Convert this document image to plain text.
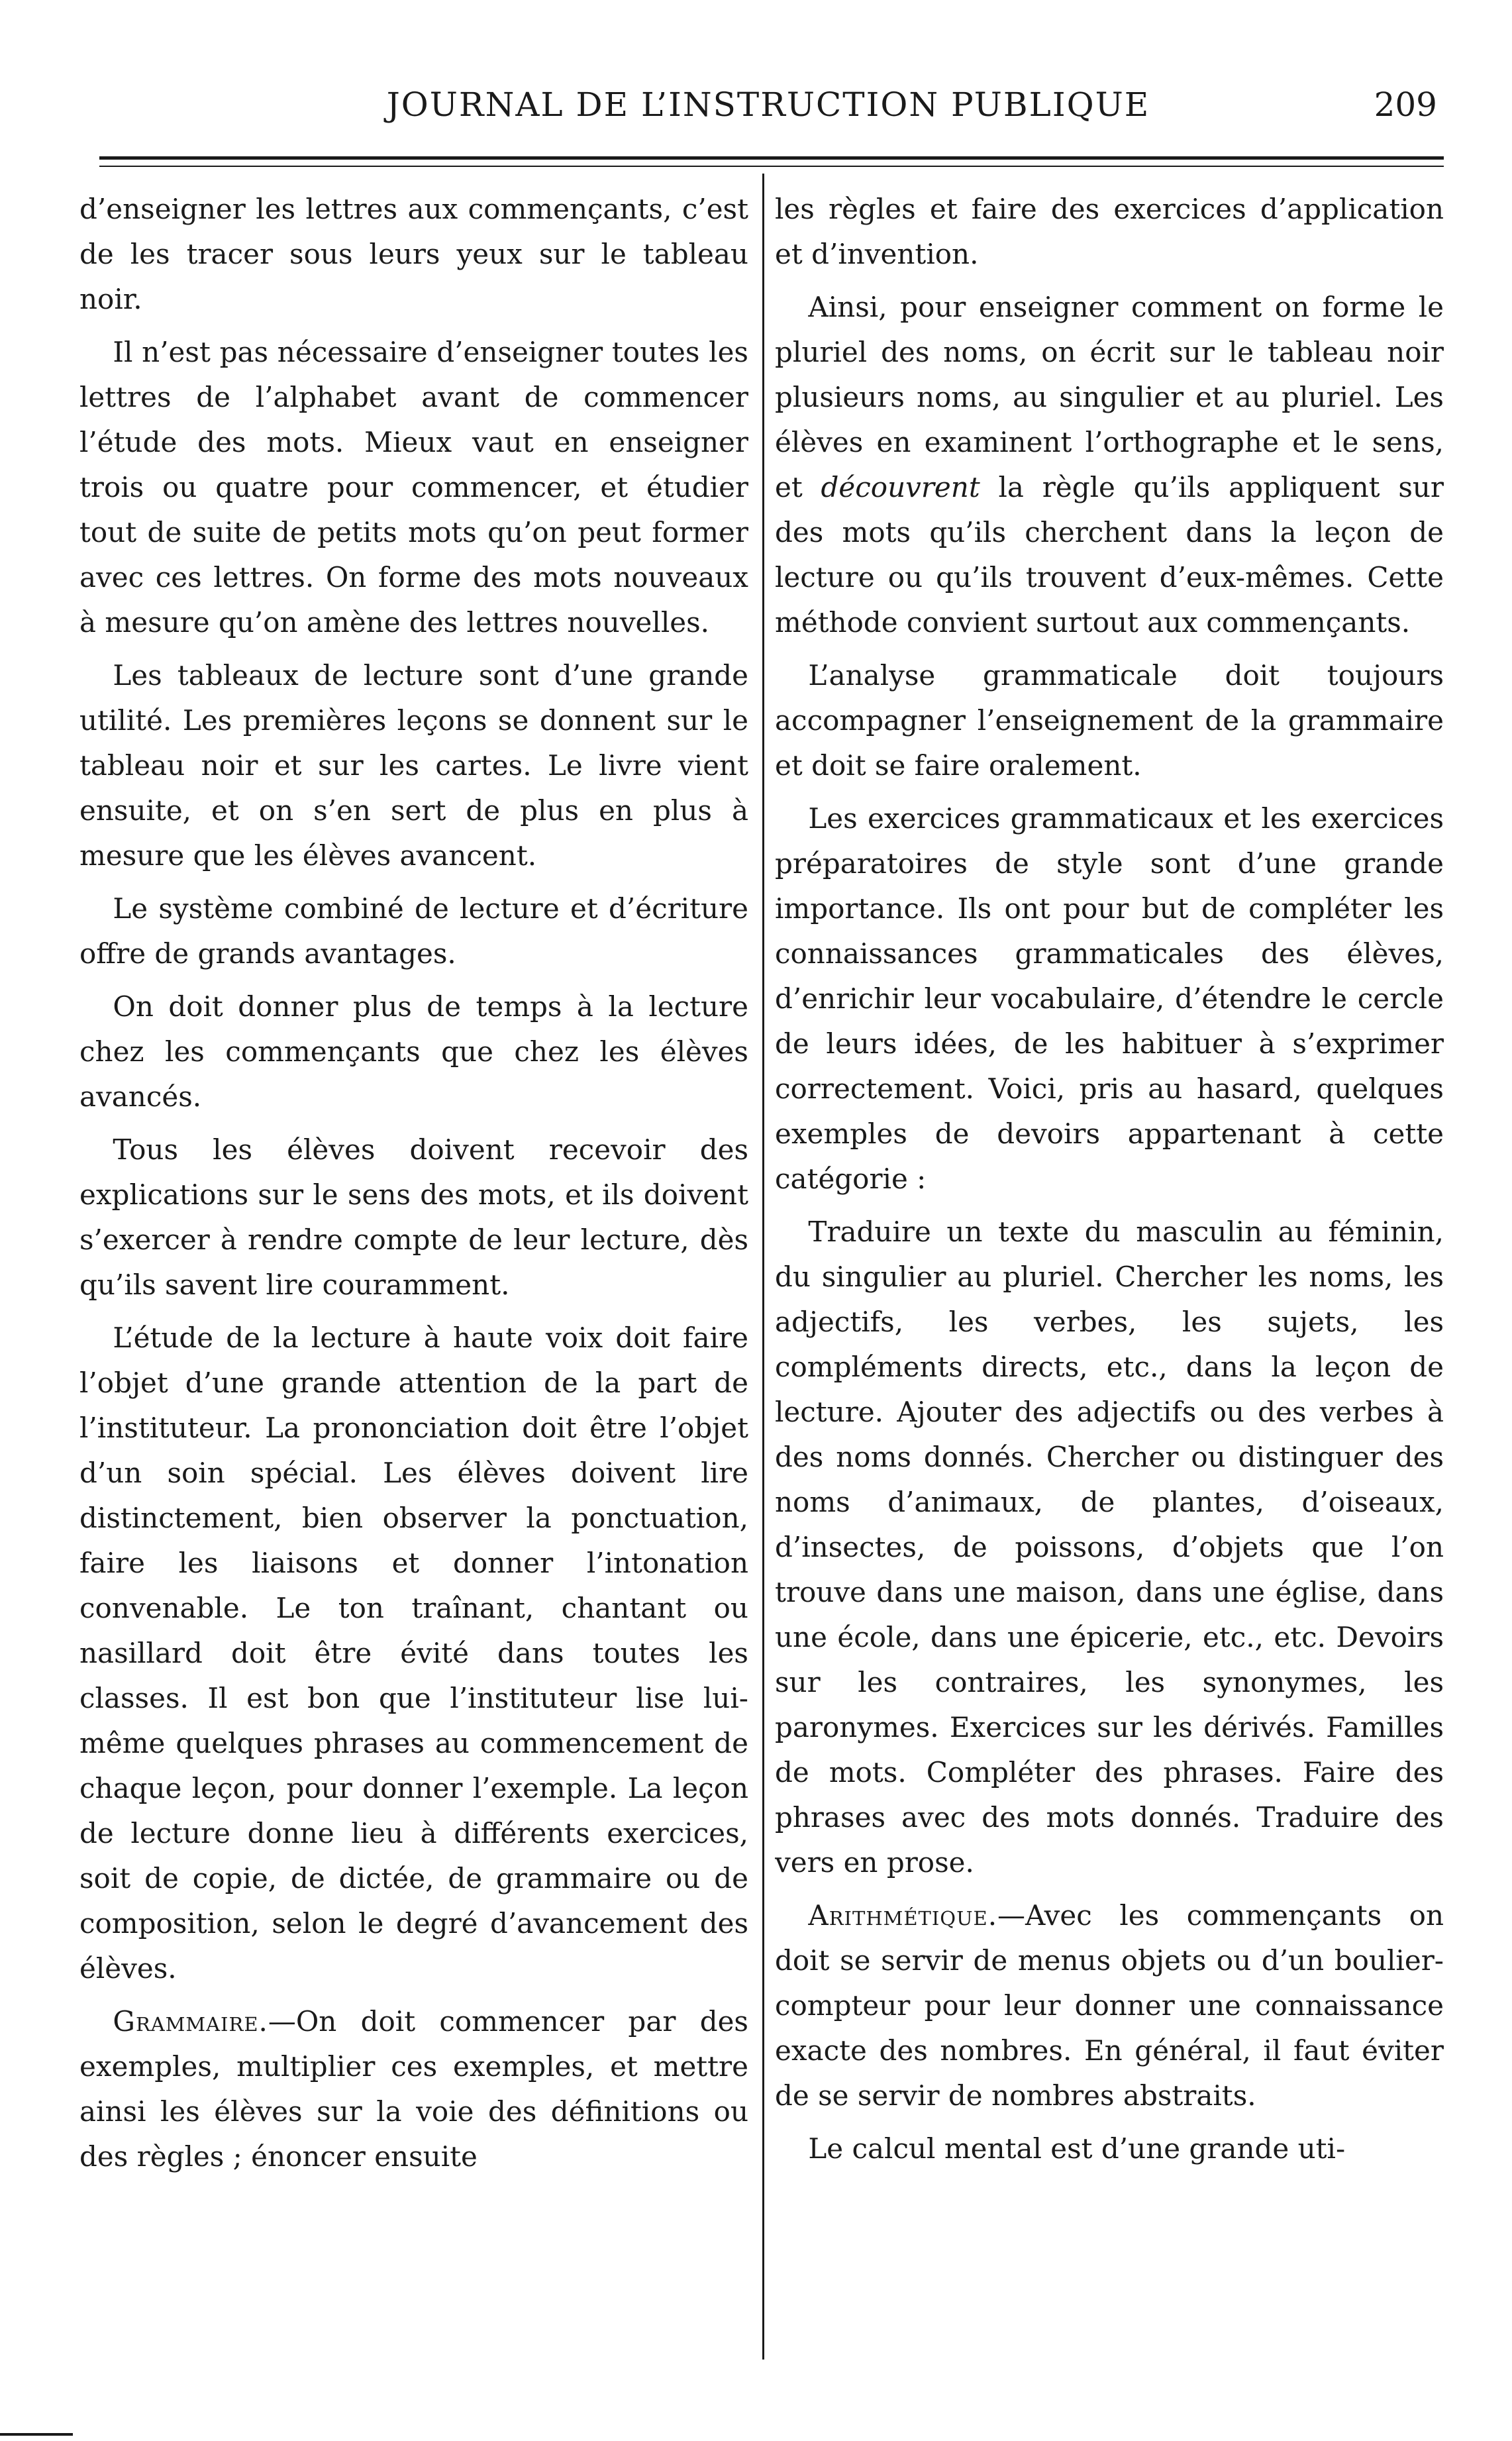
JOURNAL DE L’INSTRUCTION PUBLIQUE	209

d’enseigner les lettres aux commençants, c’est de les tracer sous leurs yeux sur le tableau noir.

Il n’est pas nécessaire d’enseigner toutes les lettres de l’alphabet avant de commencer l’étude des mots. Mieux vaut en enseigner trois ou quatre pour commencer, et étudier tout de suite de petits mots qu’on peut former avec ces lettres. On forme des mots nouveaux à mesure qu’on amène des lettres nouvelles.

Les tableaux de lecture sont d’une grande utilité. Les premières leçons se donnent sur le tableau noir et sur les cartes. Le livre vient ensuite, et on s’en sert de plus en plus à mesure que les élèves avancent.

Le système combiné de lecture et d’écriture offre de grands avantages.

On doit donner plus de temps à la lecture chez les commençants que chez les élèves avancés.

Tous les élèves doivent recevoir des explications sur le sens des mots, et ils doivent s’exercer à rendre compte de leur lecture, dès qu’ils savent lire couramment.

L’étude de la lecture à haute voix doit faire l’objet d’une grande attention de la part de l’instituteur. La prononciation doit être l’objet d’un soin spécial. Les élèves doivent lire distinctement, bien observer la ponctuation, faire les liaisons et donner l’intonation convenable. Le ton traînant, chantant ou nasillard doit être évité dans toutes les classes. Il est bon que l’instituteur lise lui-même quelques phrases au commencement de chaque leçon, pour donner l’exemple. La leçon de lecture donne lieu à différents exercices, soit de copie, de dictée, de grammaire ou de composition, selon le degré d’avancement des élèves.

Grammaire.—On doit commencer par des exemples, multiplier ces exemples, et mettre ainsi les élèves sur la voie des définitions ou des règles ; énoncer ensuite

les règles et faire des exercices d’application et d’invention.

Ainsi, pour enseigner comment on forme le pluriel des noms, on écrit sur le tableau noir plusieurs noms, au singulier et au pluriel. Les élèves en examinent l’orthographe et le sens, et découvrent la règle qu’ils appliquent sur des mots qu’ils cherchent dans la leçon de lecture ou qu’ils trouvent d’eux-mêmes. Cette méthode convient surtout aux commençants.

L’analyse grammaticale doit toujours accompagner l’enseignement de la grammaire et doit se faire oralement.

Les exercices grammaticaux et les exercices préparatoires de style sont d’une grande importance. Ils ont pour but de compléter les connaissances grammaticales des élèves, d’enrichir leur vocabulaire, d’étendre le cercle de leurs idées, de les habituer à s’exprimer correctement. Voici, pris au hasard, quelques exemples de devoirs appartenant à cette catégorie :

Traduire un texte du masculin au féminin, du singulier au pluriel. Chercher les noms, les adjectifs, les verbes, les sujets, les compléments directs, etc., dans la leçon de lecture. Ajouter des adjectifs ou des verbes à des noms donnés. Chercher ou distinguer des noms d’animaux, de plantes, d’oiseaux, d’insectes, de poissons, d’objets que l’on trouve dans une maison, dans une église, dans une école, dans une épicerie, etc., etc. Devoirs sur les contraires, les synonymes, les paronymes. Exercices sur les dérivés. Familles de mots. Compléter des phrases. Faire des phrases avec des mots donnés. Traduire des vers en prose.

Arithmétique.—Avec les commençants on doit se servir de menus objets ou d’un boulier-compteur pour leur donner une connaissance exacte des nombres. En général, il faut éviter de se servir de nombres abstraits.

Le calcul mental est d’une grande uti-
